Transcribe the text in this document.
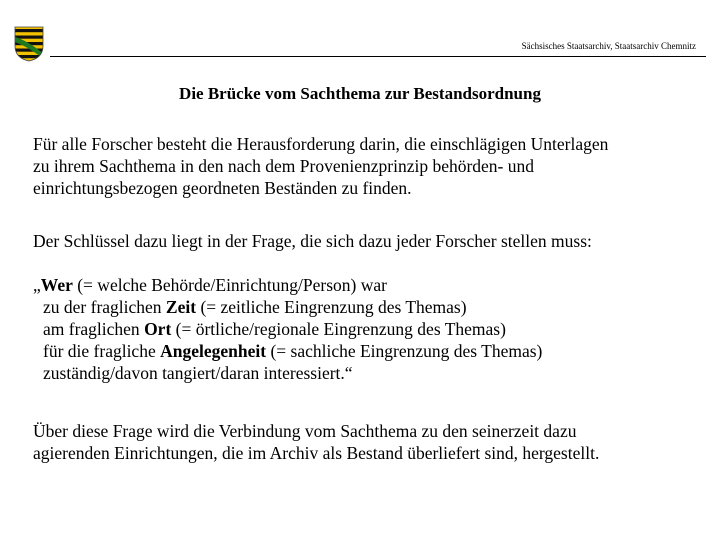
Sächsisches Staatsarchiv, Staatsarchiv Chemnitz
Die Brücke vom Sachthema zur Bestandsordnung
Für alle Forscher besteht die Herausforderung darin, die einschlägigen Unterlagen
zu ihrem Sachthema in den nach dem Provenienzprinzip behörden- und
einrichtungsbezogen geordneten Beständen zu finden.
Der Schlüssel dazu liegt in der Frage, die sich dazu jeder Forscher stellen muss:
„Wer (= welche Behörde/Einrichtung/Person) war
zu der fraglichen Zeit (= zeitliche Eingrenzung des Themas)
am fraglichen Ort (= örtliche/regionale Eingrenzung des Themas)
für die fragliche Angelegenheit (= sachliche Eingrenzung des Themas)
zuständig/davon tangiert/daran interessiert.“
Über diese Frage wird die Verbindung vom Sachthema zu den seinerzeit dazu
agierenden Einrichtungen, die im Archiv als Bestand überliefert sind, hergestellt.
